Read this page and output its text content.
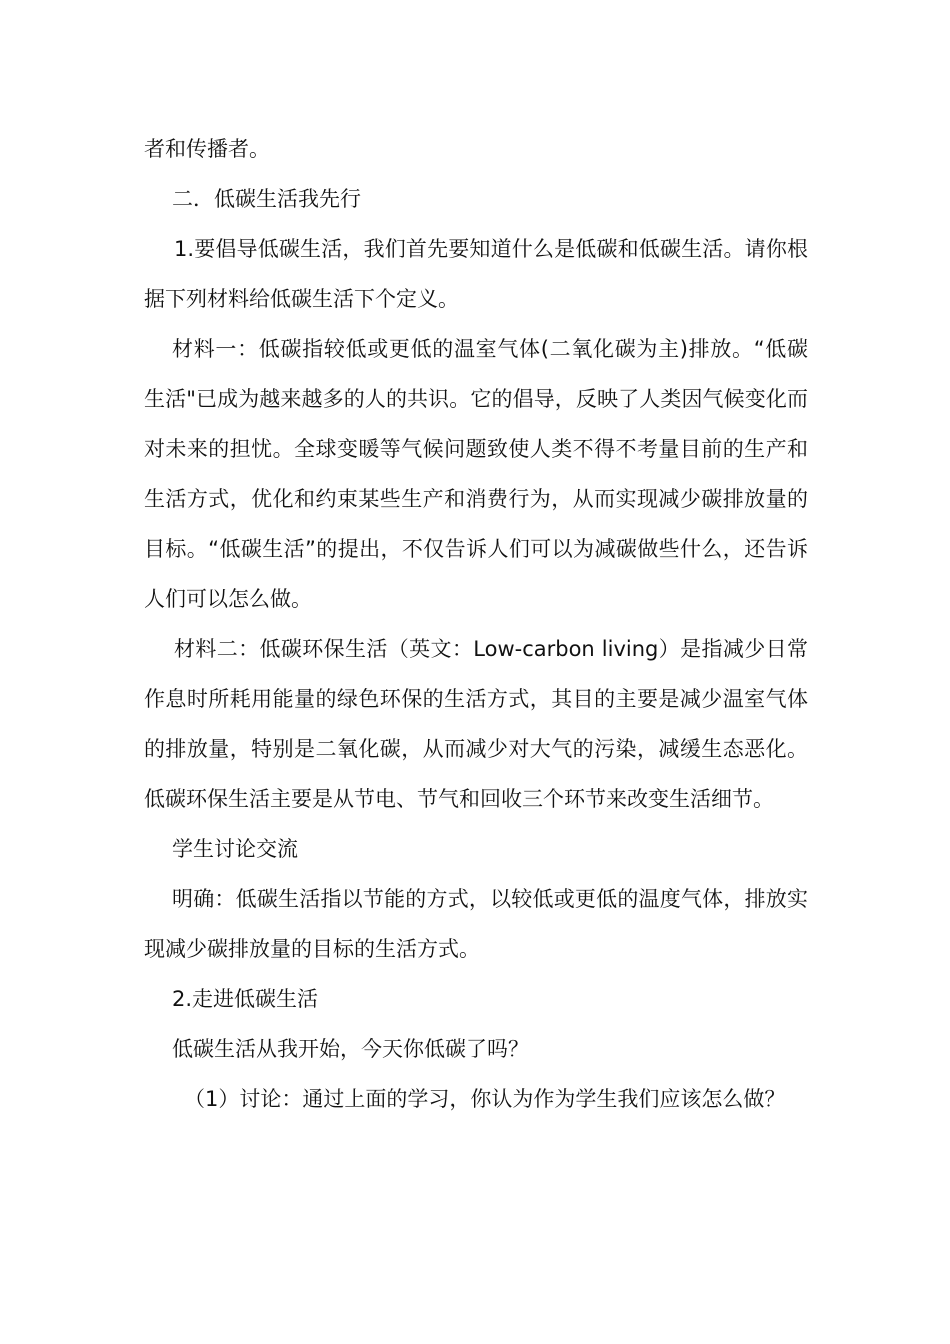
者和传播者。

二．低碳生活我先行

1.要倡导低碳生活，我们首先要知道什么是低碳和低碳生活。请你根据下列材料给低碳生活下个定义。

材料一：低碳指较低或更低的温室气体(二氧化碳为主)排放。“低碳生活"已成为越来越多的人的共识。它的倡导，反映了人类因气候变化而对未来的担忧。全球变暖等气候问题致使人类不得不考量目前的生产和生活方式，优化和约束某些生产和消费行为，从而实现减少碳排放量的目标。“低碳生活”的提出，不仅告诉人们可以为减碳做些什么，还告诉人们可以怎么做。

材料二：低碳环保生活（英文：Low-carbon living）是指减少日常作息时所耗用能量的绿色环保的生活方式，其目的主要是减少温室气体的排放量，特别是二氧化碳，从而减少对大气的污染，减缓生态恶化。低碳环保生活主要是从节电、节气和回收三个环节来改变生活细节。

学生讨论交流

明确：低碳生活指以节能的方式，以较低或更低的温度气体，排放实现减少碳排放量的目标的生活方式。

2.走进低碳生活

低碳生活从我开始，今天你低碳了吗？

（1）讨论：通过上面的学习，你认为作为学生我们应该怎么做？
